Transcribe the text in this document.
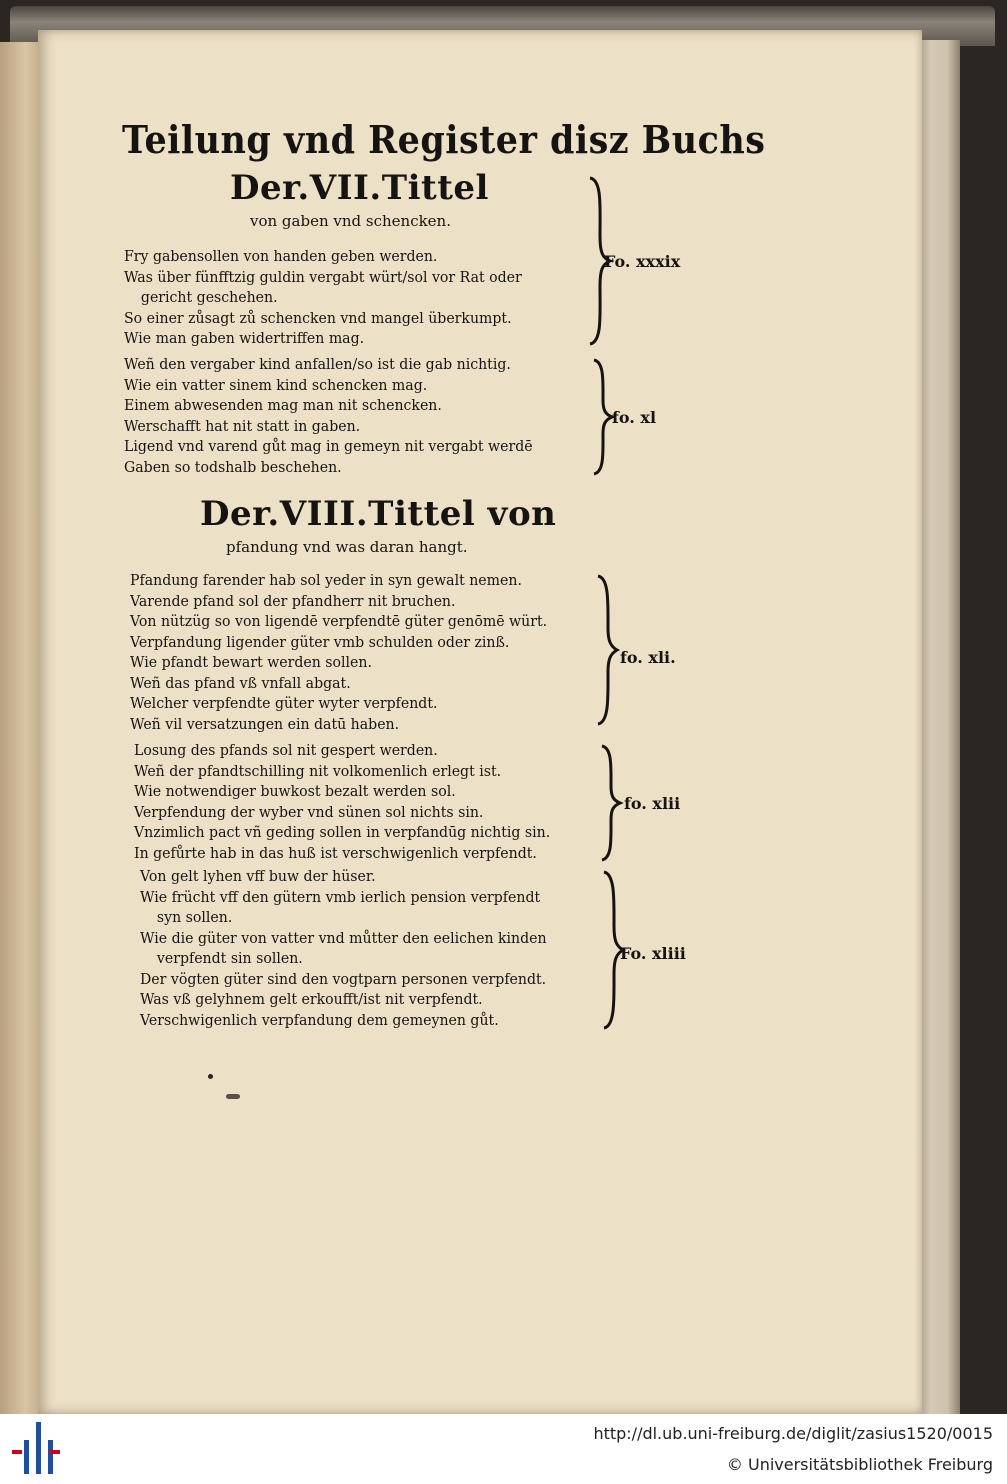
Teilung vnd Register disz Buchs
Der.VII.Tittel
von gaben vnd schencken.
Fry gabensollen von handen geben werden.
Was über fünfftzig guldin vergabt würt/sol vor Rat oder
gericht geschehen.
So einer zůsagt zů schencken vnd mangel überkumpt.
Wie man gaben widertriffen mag.
Fo. xxxix
Weñ den vergaber kind anfallen/so ist die gab nichtig.
Wie ein vatter sinem kind schencken mag.
Einem abwesenden mag man nit schencken.
Werschafft hat nit statt in gaben.
Ligend vnd varend gůt mag in gemeyn nit vergabt werdē
Gaben so todshalb beschehen.
fo. xl
Der.VIII.Tittel von
pfandung vnd was daran hangt.
Pfandung farender hab sol yeder in syn gewalt nemen.
Varende pfand sol der pfandherr nit bruchen.
Von nützüg so von ligendē verpfendtē güter genōmē würt.
Verpfandung ligender güter vmb schulden oder zinß.
Wie pfandt bewart werden sollen.
Weñ das pfand vß vnfall abgat.
Welcher verpfendte güter wyter verpfendt.
Weñ vil versatzungen ein datū haben.
fo. xli.
Losung des pfands sol nit gespert werden.
Weñ der pfandtschilling nit volkomenlich erlegt ist.
Wie notwendiger buwkost bezalt werden sol.
Verpfendung der wyber vnd sünen sol nichts sin.
Vnzimlich pact vñ geding sollen in verpfandūg nichtig sin.
In gefůrte hab in das huß ist verschwigenlich verpfendt.
fo. xlii
Von gelt lyhen vff buw der hüser.
Wie frücht vff den gütern vmb ierlich pension verpfendt
syn sollen.
Wie die güter von vatter vnd můtter den eelichen kinden
verpfendt sin sollen.
Der vögten güter sind den vogtparn personen verpfendt.
Was vß gelyhnem gelt erkoufft/ist nit verpfendt.
Verschwigenlich verpfandung dem gemeynen gůt.
Fo. xliii
http://dl.ub.uni-freiburg.de/diglit/zasius1520/0015
© Universitätsbibliothek Freiburg
